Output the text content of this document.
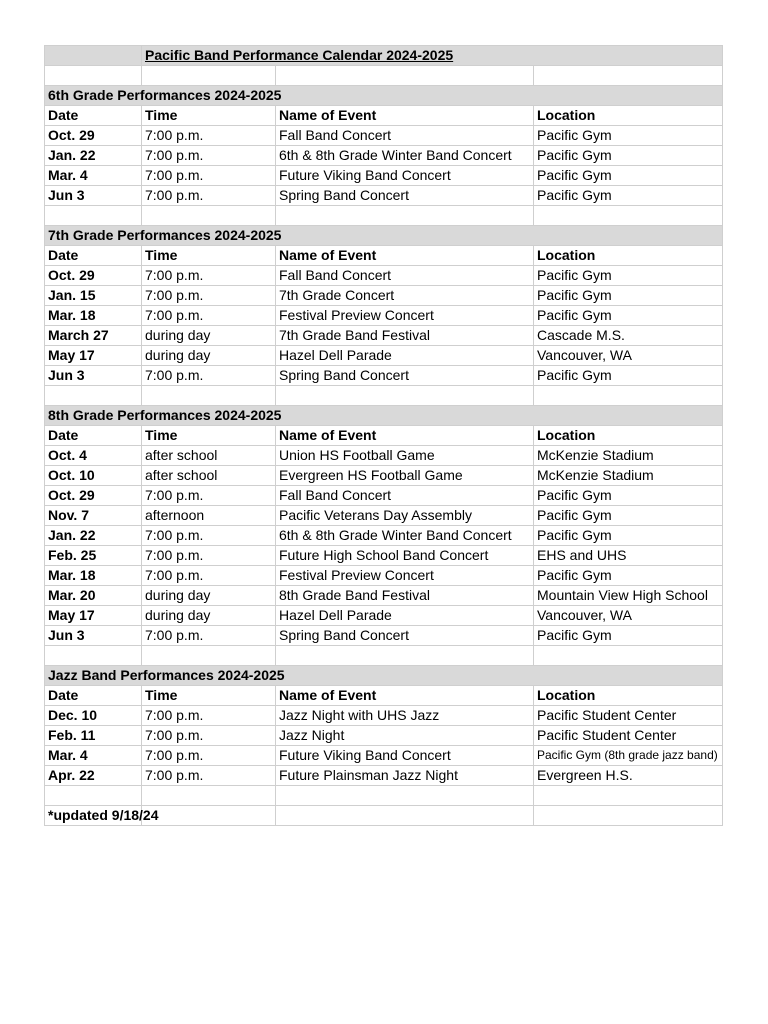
	Pacific Band Performance Calendar 2024-2025		

6th Grade Performances 2024-2025			
Date	Time	Name of Event	Location
Oct. 29	7:00 p.m.	Fall Band Concert	Pacific Gym
Jan. 22	7:00 p.m.	6th & 8th Grade Winter Band Concert	Pacific Gym
Mar. 4	7:00 p.m.	Future Viking Band Concert	Pacific Gym
Jun 3	7:00 p.m.	Spring Band Concert	Pacific Gym

7th Grade Performances 2024-2025			
Date	Time	Name of Event	Location
Oct. 29	7:00 p.m.	Fall Band Concert	Pacific Gym
Jan. 15	7:00 p.m.	7th Grade Concert	Pacific Gym
Mar. 18	7:00 p.m.	Festival Preview Concert	Pacific Gym
March 27	during day	7th Grade Band Festival	Cascade M.S.
May 17	during day	Hazel Dell Parade	Vancouver, WA
Jun 3	7:00 p.m.	Spring Band Concert	Pacific Gym

8th Grade Performances 2024-2025			
Date	Time	Name of Event	Location
Oct. 4	after school	Union HS Football Game	McKenzie Stadium
Oct. 10	after school	Evergreen HS Football Game	McKenzie Stadium
Oct. 29	7:00 p.m.	Fall Band Concert	Pacific Gym
Nov. 7	afternoon	Pacific Veterans Day Assembly	Pacific Gym
Jan. 22	7:00 p.m.	6th & 8th Grade Winter Band Concert	Pacific Gym
Feb. 25	7:00 p.m.	Future High School Band Concert	EHS and UHS
Mar. 18	7:00 p.m.	Festival Preview Concert	Pacific Gym
Mar. 20	during day	8th Grade Band Festival	Mountain View High School
May 17	during day	Hazel Dell Parade	Vancouver, WA
Jun 3	7:00 p.m.	Spring Band Concert	Pacific Gym

Jazz Band Performances 2024-2025			
Date	Time	Name of Event	Location
Dec. 10	7:00 p.m.	Jazz Night with UHS Jazz	Pacific Student Center
Feb. 11	7:00 p.m.	Jazz Night	Pacific Student Center
Mar. 4	7:00 p.m.	Future Viking Band Concert	Pacific Gym (8th grade jazz band)
Apr. 22	7:00 p.m.	Future Plainsman Jazz Night	Evergreen H.S.

*updated 9/18/24			
